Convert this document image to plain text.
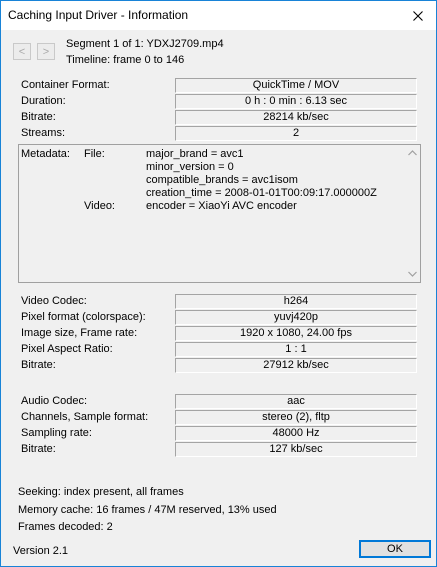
Caching Input Driver - Information
< >
Segment 1 of 1: YDXJ2709.mp4
Timeline: frame 0 to 146
Container Format:	QuickTime / MOV
Duration:	0 h : 0 min : 6.13 sec
Bitrate:	28214 kb/sec
Streams:	2
Metadata: File:	major_brand = avc1
minor_version = 0
compatible_brands = avc1isom
creation_time = 2008-01-01T00:09:17.000000Z
Video:	encoder = XiaoYi AVC encoder
Video Codec:	h264
Pixel format (colorspace):	yuvj420p
Image size, Frame rate:	1920 x 1080, 24.00 fps
Pixel Aspect Ratio:	1 : 1
Bitrate:	27912 kb/sec
Audio Codec:	aac
Channels, Sample format:	stereo (2), fltp
Sampling rate:	48000 Hz
Bitrate:	127 kb/sec
Seeking: index present, all frames
Memory cache: 16 frames / 47M reserved, 13% used
Frames decoded: 2
Version 2.1	OK
